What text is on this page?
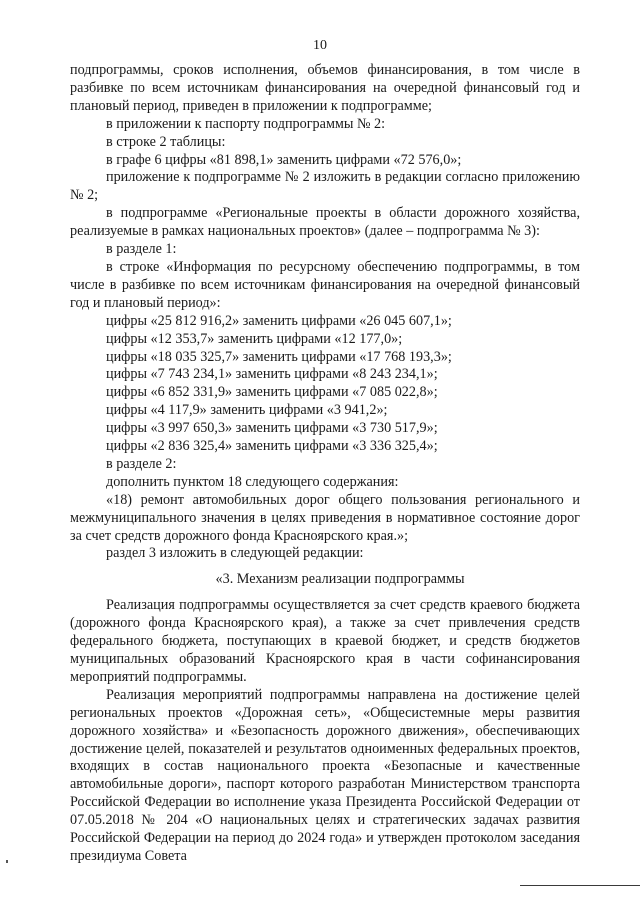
10

подпрограммы, сроков исполнения, объемов финансирования, в том числе в разбивке по всем источникам финансирования на очередной финансовый год и плановый период, приведен в приложении к подпрограмме;

в приложении к паспорту подпрограммы № 2:

в строке 2 таблицы:

в графе 6 цифры «81 898,1» заменить цифрами «72 576,0»;

приложение к подпрограмме № 2 изложить в редакции согласно приложению № 2;

в подпрограмме «Региональные проекты в области дорожного хозяйства, реализуемые в рамках национальных проектов» (далее – подпрограмма № 3):

в разделе 1:

в строке «Информация по ресурсному обеспечению подпрограммы, в том числе в разбивке по всем источникам финансирования на очередной финансовый год и плановый период»:

цифры «25 812 916,2» заменить цифрами «26 045 607,1»;

цифры «12 353,7» заменить цифрами «12 177,0»;

цифры «18 035 325,7» заменить цифрами «17 768 193,3»;

цифры «7 743 234,1» заменить цифрами «8 243 234,1»;

цифры «6 852 331,9» заменить цифрами «7 085 022,8»;

цифры «4 117,9» заменить цифрами «3 941,2»;

цифры «3 997 650,3» заменить цифрами «3 730 517,9»;

цифры «2 836 325,4» заменить цифрами «3 336 325,4»;

в разделе 2:

дополнить пунктом 18 следующего содержания:

«18) ремонт автомобильных дорог общего пользования регионального и межмуниципального значения в целях приведения в нормативное состояние дорог за счет средств дорожного фонда Красноярского края.»;

раздел 3 изложить в следующей редакции:

«3. Механизм реализации подпрограммы

Реализация подпрограммы осуществляется за счет средств краевого бюджета (дорожного фонда Красноярского края), а также за счет привлечения средств федерального бюджета, поступающих в краевой бюджет, и средств бюджетов муниципальных образований Красноярского края в части софинансирования мероприятий подпрограммы.

Реализация мероприятий подпрограммы направлена на достижение целей региональных проектов «Дорожная сеть», «Общесистемные меры развития дорожного хозяйства» и «Безопасность дорожного движения», обеспечивающих достижение целей, показателей и результатов одноименных федеральных проектов, входящих в состав национального проекта «Безопасные и качественные автомобильные дороги», паспорт которого разработан Министерством транспорта Российской Федерации во исполнение указа Президента Российской Федерации от 07.05.2018 № 204 «О национальных целях и стратегических задачах развития Российской Федерации на период до 2024 года» и утвержден протоколом заседания президиума Совета
